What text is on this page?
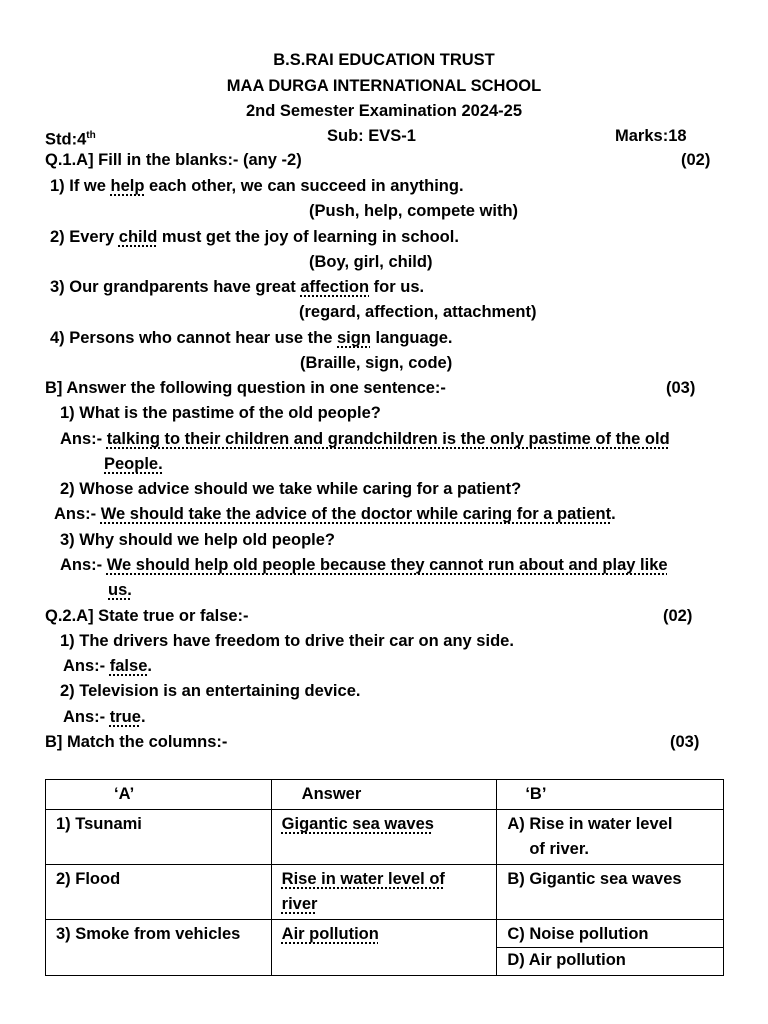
B.S.RAI EDUCATION TRUST
MAA DURGA INTERNATIONAL SCHOOL
2nd Semester Examination 2024-25
Std:4th	Sub: EVS-1	Marks:18
Q.1.A] Fill in the blanks:- (any -2)	(02)
1) If we help each other, we can succeed in anything.
(Push, help, compete with)
2) Every child must get the joy of learning in school.
(Boy, girl, child)
3) Our grandparents have great affection for us.
(regard, affection, attachment)
4) Persons who cannot hear use the sign language.
(Braille, sign, code)
B] Answer the following question in one sentence:-	(03)
1) What is the pastime of the old people?
Ans:- talking to their children and grandchildren is the only pastime of the old
People.
2) Whose advice should we take while caring for a patient?
Ans:- We should take the advice of the doctor while caring for a patient.
3) Why should we help old people?
Ans:- We should help old people because they cannot run about and play like
us.
Q.2.A] State true or false:-	(02)
1) The drivers have freedom to drive their car on any side.
Ans:- false.
2) Television is an entertaining device.
Ans:- true.
B] Match the columns:-	(03)
‘A’	Answer	‘B’
1) Tsunami	Gigantic sea waves	A) Rise in water level
of river.

2) Flood	Rise in water level of
river	B) Gigantic sea waves

3) Smoke from vehicles	Air pollution	C) Noise pollution
D) Air pollution
